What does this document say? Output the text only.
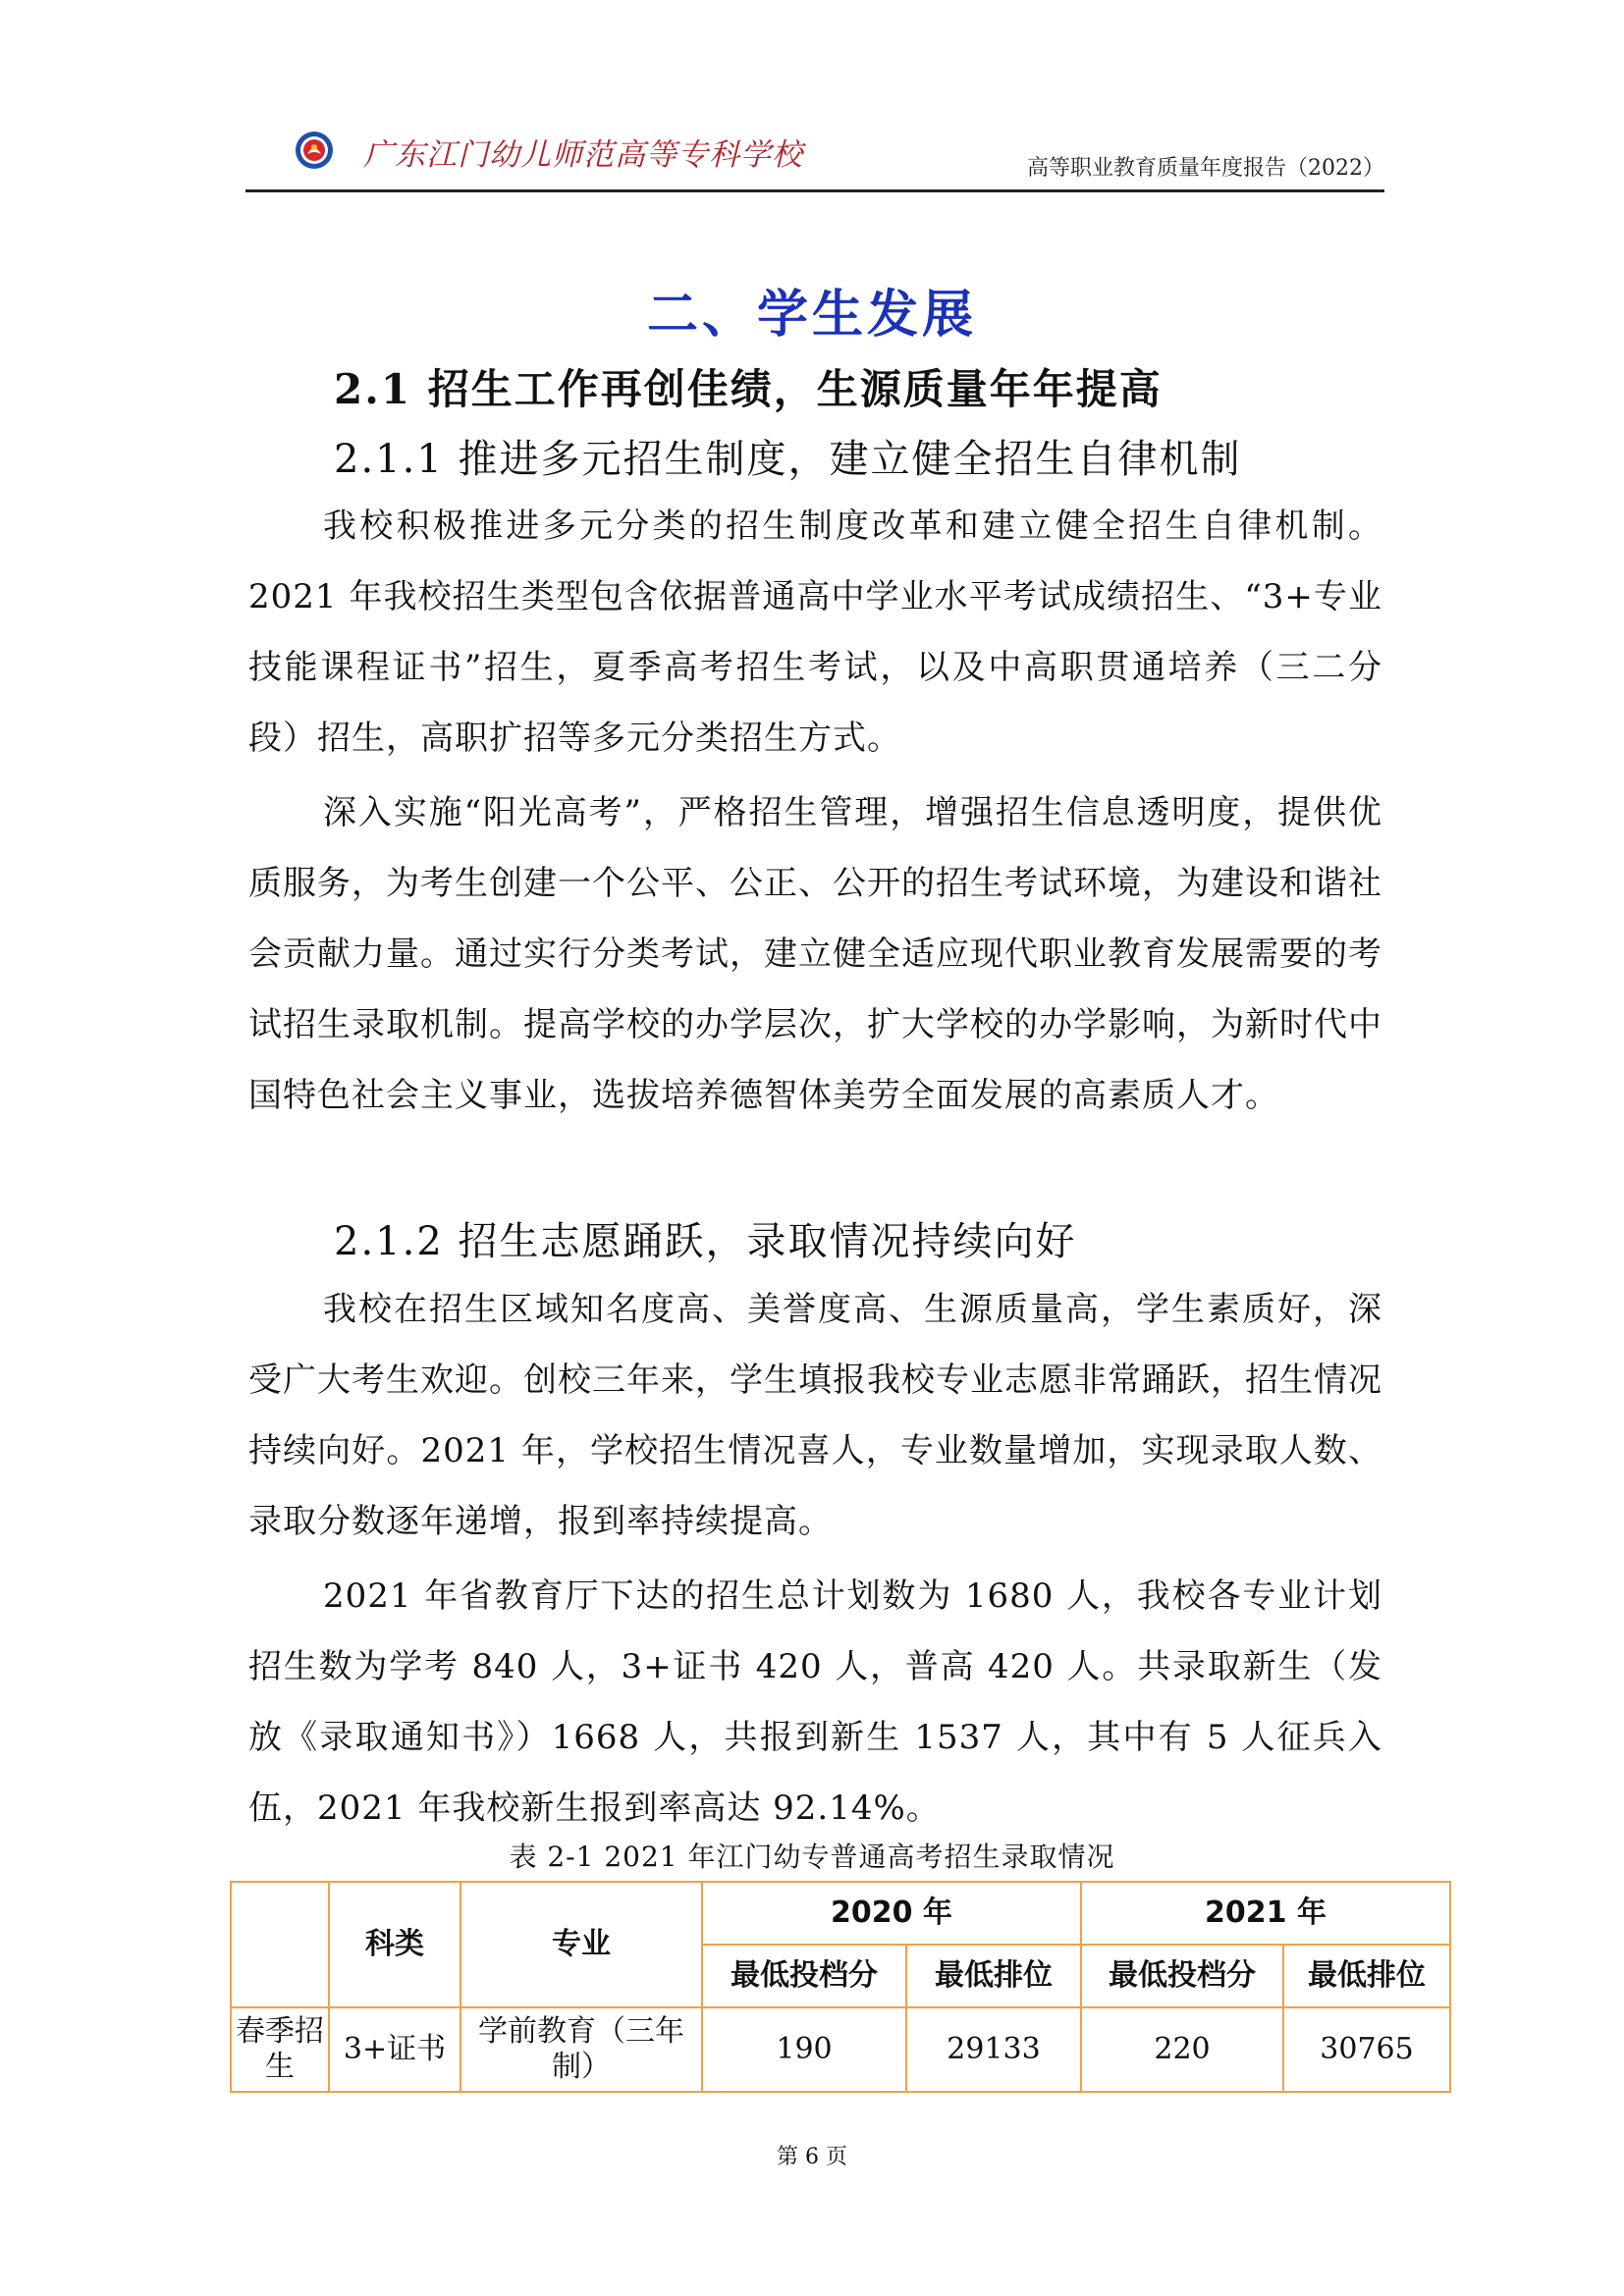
广东江门幼儿师范高等专科学校	高等职业教育质量年度报告（2022）
二、学生发展
2.1 招生工作再创佳绩，生源质量年年提高
2.1.1 推进多元招生制度，建立健全招生自律机制

我校积极推进多元分类的招生制度改革和建立健全招生自律机制。2021 年我校招生类型包含依据普通高中学业水平考试成绩招生、“3+专业技能课程证书”招生，夏季高考招生考试，以及中高职贯通培养（三二分段）招生，高职扩招等多元分类招生方式。

深入实施“阳光高考”，严格招生管理，增强招生信息透明度，提供优质服务，为考生创建一个公平、公正、公开的招生考试环境，为建设和谐社会贡献力量。通过实行分类考试，建立健全适应现代职业教育发展需要的考试招生录取机制。提高学校的办学层次，扩大学校的办学影响，为新时代中国特色社会主义事业，选拔培养德智体美劳全面发展的高素质人才。

2.1.2 招生志愿踊跃，录取情况持续向好

我校在招生区域知名度高、美誉度高、生源质量高，学生素质好，深受广大考生欢迎。创校三年来，学生填报我校专业志愿非常踊跃，招生情况持续向好。2021 年，学校招生情况喜人，专业数量增加，实现录取人数、录取分数逐年递增，报到率持续提高。

2021 年省教育厅下达的招生总计划数为 1680 人，我校各专业计划招生数为学考 840 人，3+证书 420 人，普高 420 人。共录取新生（发放《录取通知书》）1668 人，共报到新生 1537 人，其中有 5 人征兵入伍，2021 年我校新生报到率高达 92.14%。

表 2-1 2021 年江门幼专普通高考招生录取情况
	科类	专业	2020 年		2021 年	
			最低投档分	最低排位	最低投档分	最低排位
春季招生	3+证书	学前教育（三年制）	190	29133	220	30765
第 6 页
